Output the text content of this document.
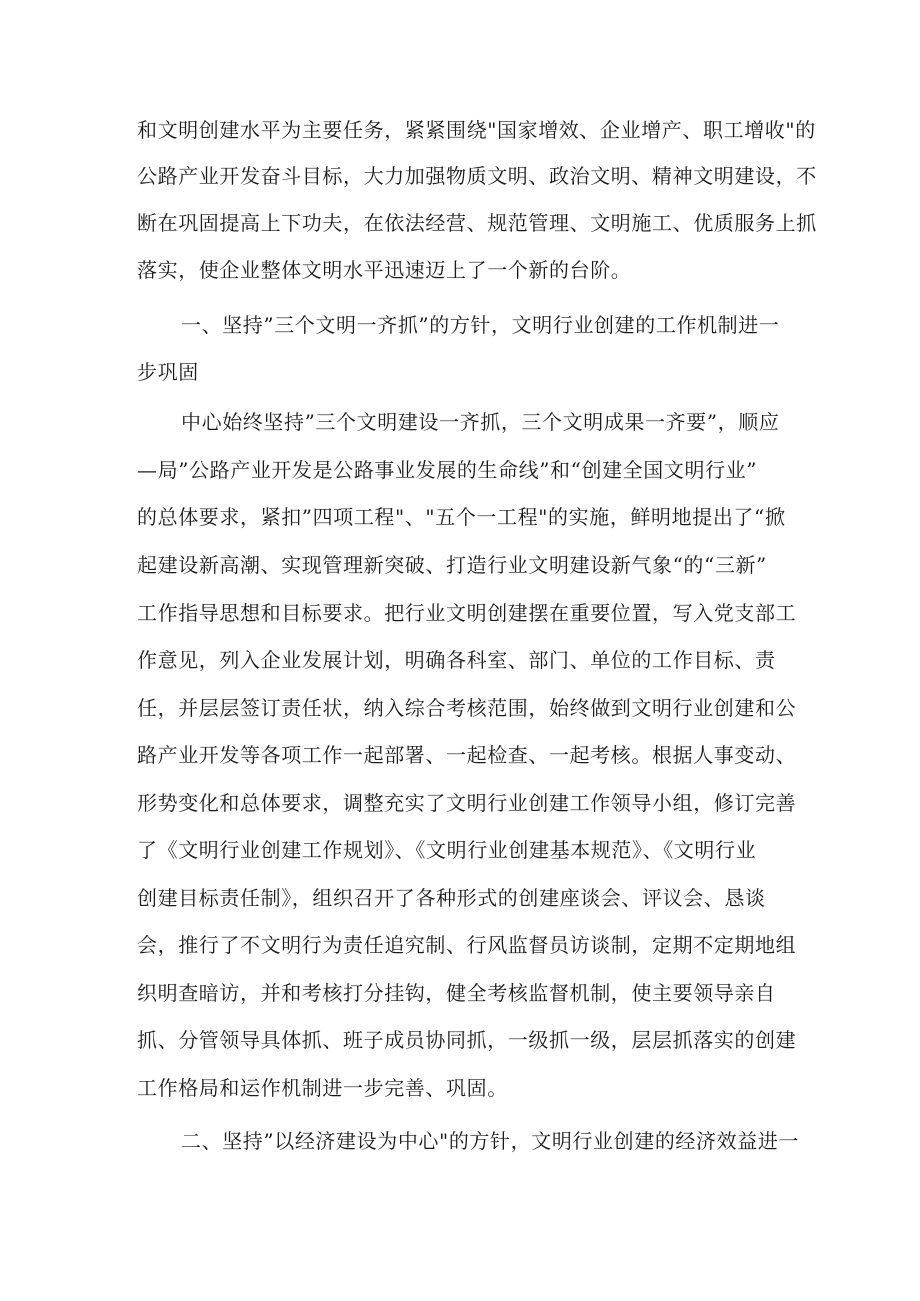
和文明创建水平为主要任务，紧紧围绕"国家增效、企业增产、职工增收"的
公路产业开发奋斗目标，大力加强物质文明、政治文明、精神文明建设，不
断在巩固提高上下功夫，在依法经营、规范管理、文明施工、优质服务上抓
落实，使企业整体文明水平迅速迈上了一个新的台阶。
一、坚持”三个文明一齐抓”的方针，文明行业创建的工作机制进一
步巩固
中心始终坚持”三个文明建设一齐抓，三个文明成果一齐要”，顺应
—局”公路产业开发是公路事业发展的生命线”和“创建全国文明行业”
的总体要求，紧扣”四项工程"、"五个一工程"的实施，鲜明地提出了“掀
起建设新高潮、实现管理新突破、打造行业文明建设新气象“的“三新”
工作指导思想和目标要求。把行业文明创建摆在重要位置，写入党支部工
作意见，列入企业发展计划，明确各科室、部门、单位的工作目标、责
任，并层层签订责任状，纳入综合考核范围，始终做到文明行业创建和公
路产业开发等各项工作一起部署、一起检查、一起考核。根据人事变动、
形势变化和总体要求，调整充实了文明行业创建工作领导小组，修订完善
了《文明行业创建工作规划》、《文明行业创建基本规范》、《文明行业
创建目标责任制》，组织召开了各种形式的创建座谈会、评议会、恳谈
会，推行了不文明行为责任追究制、行风监督员访谈制，定期不定期地组
织明查暗访，并和考核打分挂钩，健全考核监督机制，使主要领导亲自
抓、分管领导具体抓、班子成员协同抓，一级抓一级，层层抓落实的创建
工作格局和运作机制进一步完善、巩固。
二、坚持”以经济建设为中心"的方针，文明行业创建的经济效益进一
